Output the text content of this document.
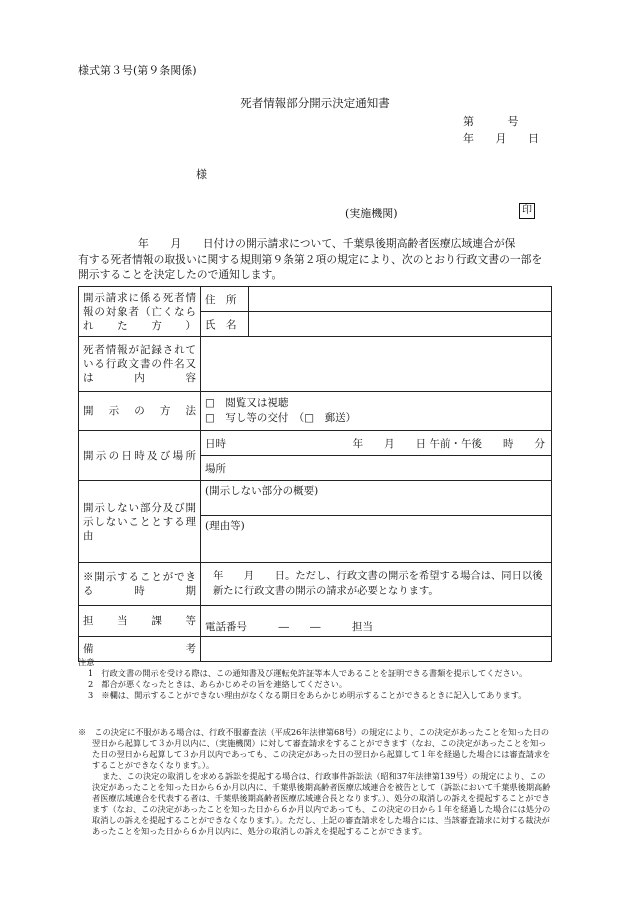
様式第３号(第９条関係)
死者情報部分開示決定通知書
第 号
年 月 日
様
(実施機関)	印
年　　月　　日付けの開示請求について、千葉県後期高齢者医療広域連合が保
有する死者情報の取扱いに関する規則第９条第２項の規定により、次のとおり行政文書の一部を開示することを決定したので通知します。
開示請求に係る死者情報の対象者（亡くなられた方）	住　所	
	氏　名	
死者情報が記録されている行政文書の件名又は内容		
開　示　の　方　法	□　閲覧又は視聴
□　写し等の交付　（□　郵送）	

開示の日時及び場所	日時	年　　月　　日 午前・午後　　時　　分
	場所	
開示しない部分及び開示しないこととする理由	(開示しない部分の概要)	
	(理由等)	
※開示することができる時期	年　　月　　日。ただし、行政文書の開示を希望する場合は、同日以後新たに行政文書の開示の請求が必要となります。	
担　当　課　等	電話番号　　　―　　―　　　担当	
備　　　考		
注意
1　行政文書の開示を受ける際は、この通知書及び運転免許証等本人であることを証明できる書類を提示してください。
2　都合が悪くなったときは、あらかじめその旨を連絡してください。
3　※欄は、開示することができない理由がなくなる期日をあらかじめ明示することができるときに記入してあります。

※　この決定に不服がある場合は、行政不服審査法（平成26年法律第68号）の規定により、この決定があったことを知った日の翌日から起算して３か月以内に、（実施機関）に対して審査請求をすることができます（なお、この決定があったことを知った日の翌日から起算して３か月以内であっても、この決定があった日の翌日から起算して１年を経過した場合には審査請求をすることができなくなります。）。

また、この決定の取消しを求める訴訟を提起する場合は、行政事件訴訟法（昭和37年法律第139号）の規定により、この決定があったことを知った日から６か月以内に、千葉県後期高齢者医療広域連合を被告として（訴訟において千葉県後期高齢者医療広域連合を代表する者は、千葉県後期高齢者医療広域連合長となります。）、処分の取消しの訴えを提起することができます（なお、この決定があったことを知った日から６か月以内であっても、この決定の日から１年を経過した場合には処分の取消しの訴えを提起することができなくなります。）。ただし、上記の審査請求をした場合には、当該審査請求に対する裁決があったことを知った日から６か月以内に、処分の取消しの訴えを提起することができます。
